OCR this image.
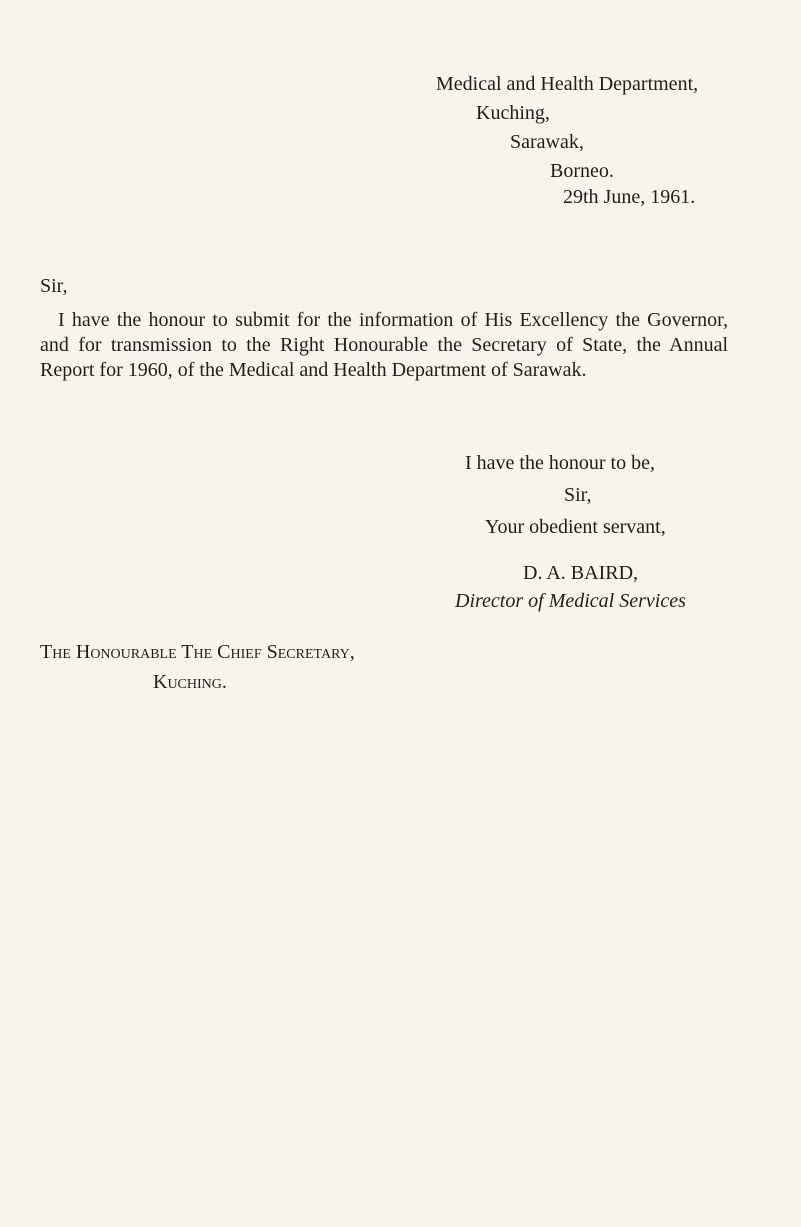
Medical and Health Department,
Kuching,
Sarawak,
Borneo.
29th June, 1961.
Sir,
I have the honour to submit for the information of His Excellency the Governor, and for transmission to the Right Honourable the Secretary of State, the Annual Report for 1960, of the Medical and Health Department of Sarawak.
I have the honour to be,
Sir,
Your obedient servant,
D. A. BAIRD,
Director of Medical Services
The Honourable The Chief Secretary,
Kuching.
